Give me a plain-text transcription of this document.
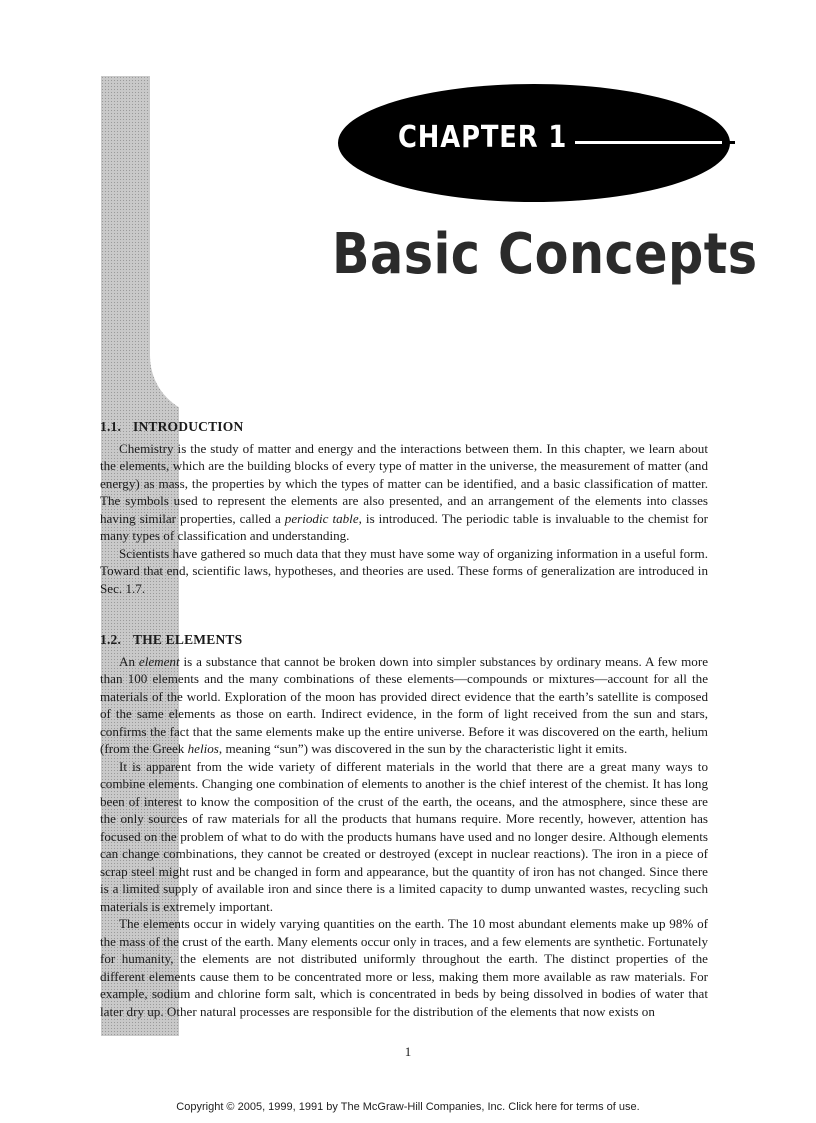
CHAPTER 1
Basic Concepts
1.1. INTRODUCTION

Chemistry is the study of matter and energy and the interactions between them. In this chapter, we learn about the elements, which are the building blocks of every type of matter in the universe, the measurement of matter (and energy) as mass, the properties by which the types of matter can be identified, and a basic classification of matter. The symbols used to represent the elements are also presented, and an arrangement of the elements into classes having similar properties, called a periodic table, is introduced. The periodic table is invaluable to the chemist for many types of classification and understanding.

Scientists have gathered so much data that they must have some way of organizing information in a useful form. Toward that end, scientific laws, hypotheses, and theories are used. These forms of generalization are introduced in Sec. 1.7.

1.2. THE ELEMENTS

An element is a substance that cannot be broken down into simpler substances by ordinary means. A few more than 100 elements and the many combinations of these elements—compounds or mixtures—account for all the materials of the world. Exploration of the moon has provided direct evidence that the earth’s satellite is composed of the same elements as those on earth. Indirect evidence, in the form of light received from the sun and stars, confirms the fact that the same elements make up the entire universe. Before it was discovered on the earth, helium (from the Greek helios, meaning “sun”) was discovered in the sun by the characteristic light it emits.

It is apparent from the wide variety of different materials in the world that there are a great many ways to combine elements. Changing one combination of elements to another is the chief interest of the chemist. It has long been of interest to know the composition of the crust of the earth, the oceans, and the atmosphere, since these are the only sources of raw materials for all the products that humans require. More recently, however, attention has focused on the problem of what to do with the products humans have used and no longer desire. Although elements can change combinations, they cannot be created or destroyed (except in nuclear reactions). The iron in a piece of scrap steel might rust and be changed in form and appearance, but the quantity of iron has not changed. Since there is a limited supply of available iron and since there is a limited capacity to dump unwanted wastes, recycling such materials is extremely important.

The elements occur in widely varying quantities on the earth. The 10 most abundant elements make up 98% of the mass of the crust of the earth. Many elements occur only in traces, and a few elements are synthetic. Fortunately for humanity, the elements are not distributed uniformly throughout the earth. The distinct properties of the different elements cause them to be concentrated more or less, making them more available as raw materials. For example, sodium and chlorine form salt, which is concentrated in beds by being dissolved in bodies of water that later dry up. Other natural processes are responsible for the distribution of the elements that now exists on

1
Copyright © 2005, 1999, 1991 by The McGraw-Hill Companies, Inc. Click here for terms of use.
